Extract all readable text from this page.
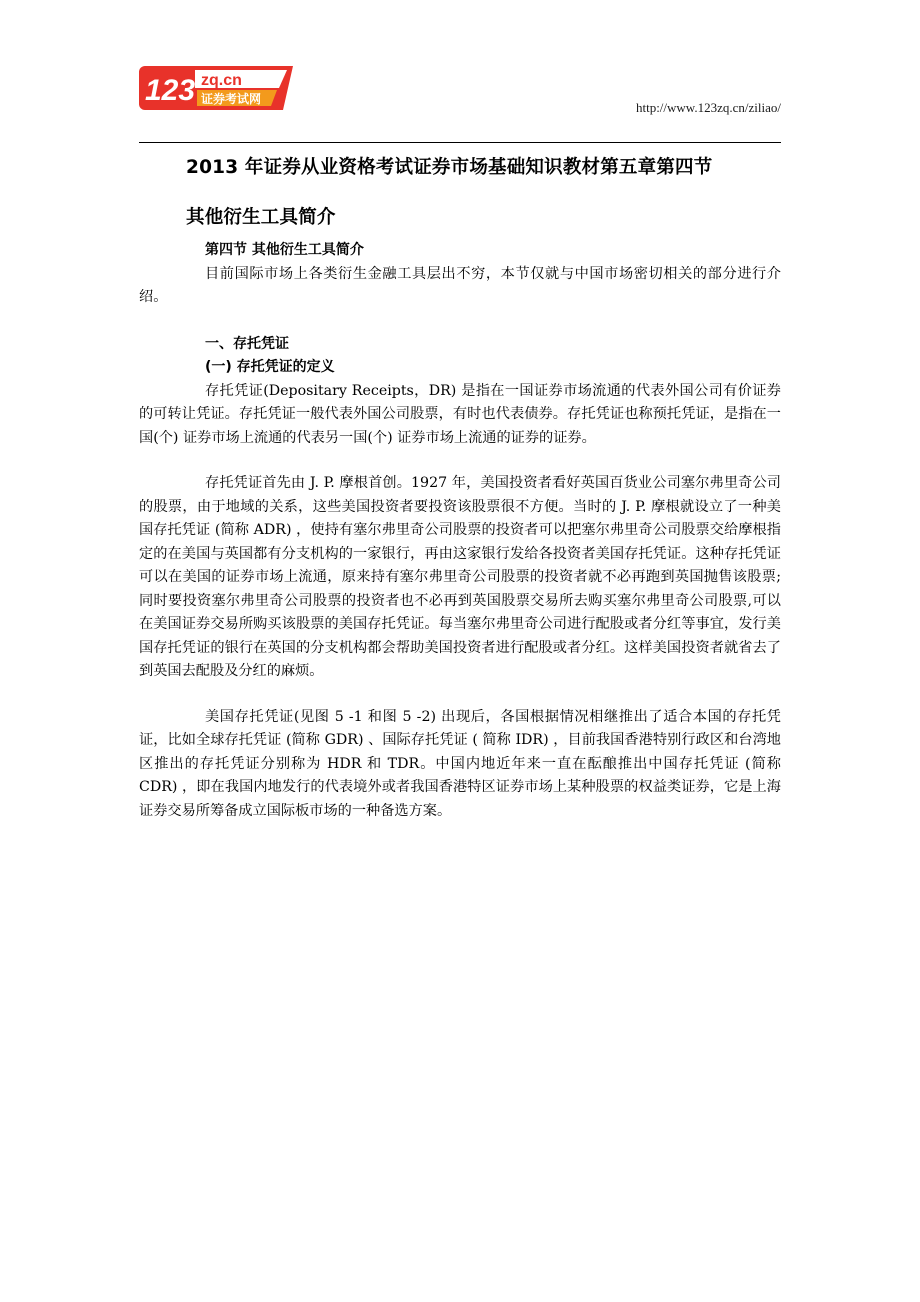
123 zq.cn
证券考试网
http://www.123zq.cn/ziliao/
2013 年证券从业资格考试证券市场基础知识教材第五章第四节
其他衍生工具简介

第四节 其他衍生工具简介

目前国际市场上各类衍生金融工具层出不穷，本节仅就与中国市场密切相关的部分进行介绍。

一、存托凭证

(一) 存托凭证的定义

存托凭证(Depositary Receipts，DR) 是指在一国证券市场流通的代表外国公司有价证券的可转让凭证。存托凭证一般代表外国公司股票，有时也代表债券。存托凭证也称预托凭证，是指在一国(个) 证券市场上流通的代表另一国(个) 证券市场上流通的证券的证券。

存托凭证首先由 J. P. 摩根首创。1927 年，美国投资者看好英国百货业公司塞尔弗里奇公司的股票，由于地域的关系，这些美国投资者要投资该股票很不方便。当时的 J. P. 摩根就设立了一种美国存托凭证 (简称 ADR) ，使持有塞尔弗里奇公司股票的投资者可以把塞尔弗里奇公司股票交给摩根指定的在美国与英国都有分支机构的一家银行，再由这家银行发给各投资者美国存托凭证。这种存托凭证可以在美国的证券市场上流通，原来持有塞尔弗里奇公司股票的投资者就不必再跑到英国抛售该股票;同时要投资塞尔弗里奇公司股票的投资者也不必再到英国股票交易所去购买塞尔弗里奇公司股票,可以在美国证券交易所购买该股票的美国存托凭证。每当塞尔弗里奇公司进行配股或者分红等事宜，发行美国存托凭证的银行在英国的分支机构都会帮助美国投资者进行配股或者分红。这样美国投资者就省去了到英国去配股及分红的麻烦。

美国存托凭证(见图 5 -1 和图 5 -2) 出现后，各国根据情况相继推出了适合本国的存托凭证，比如全球存托凭证 (简称 GDR) 、国际存托凭证 ( 简称 IDR) ，目前我国香港特别行政区和台湾地区推出的存托凭证分别称为 HDR 和 TDR。中国内地近年来一直在酝酿推出中国存托凭证 (简称 CDR) ，即在我国内地发行的代表境外或者我国香港特区证券市场上某种股票的权益类证券，它是上海证券交易所筹备成立国际板市场的一种备选方案。
